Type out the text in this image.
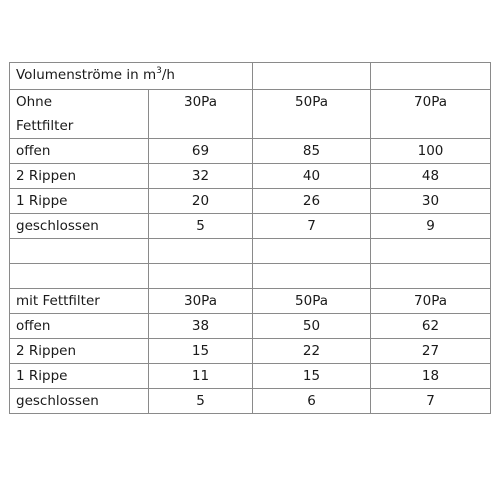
Volumenströme in $m^3/h$			

Ohne
Fettfilter	30Pa	50Pa	70Pa
offen	69	85	100
2 Rippen	32	40	48
1 Rippe	20	26	30
geschlossen	5	7	9

mit Fettfilter	30Pa	50Pa	70Pa
offen	38	50	62
2 Rippen	15	22	27
1 Rippe	11	15	18
geschlossen	5	6	7
